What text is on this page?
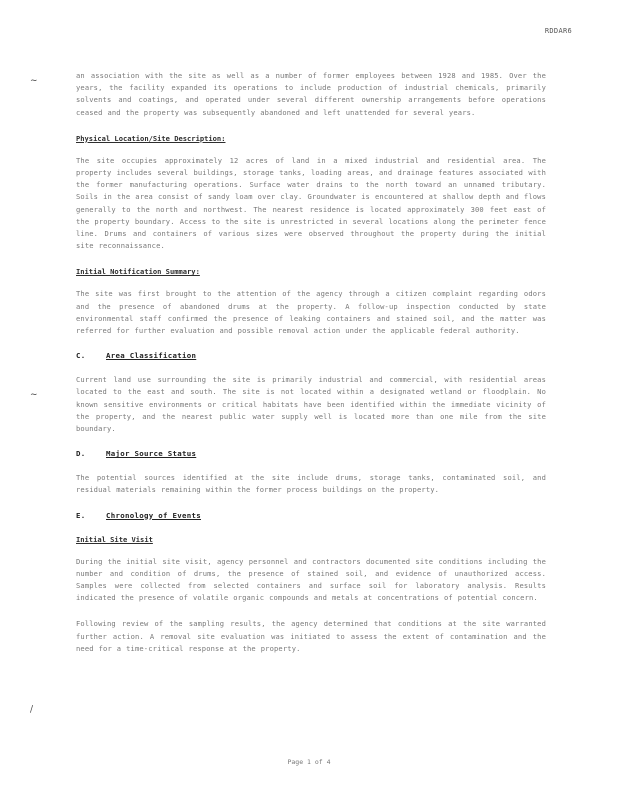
RDDAR6
~
~
/

an association with the site as well as a number of former employees between 1928 and 1985. Over the years, the facility expanded its operations to include production of industrial chemicals, primarily solvents and coatings, and operated under several different ownership arrangements before operations ceased and the property was subsequently abandoned and left unattended for several years.

Physical Location/Site Description:

The site occupies approximately 12 acres of land in a mixed industrial and residential area. The property includes several buildings, storage tanks, loading areas, and drainage features associated with the former manufacturing operations. Surface water drains to the north toward an unnamed tributary. Soils in the area consist of sandy loam over clay. Groundwater is encountered at shallow depth and flows generally to the north and northwest. The nearest residence is located approximately 300 feet east of the property boundary. Access to the site is unrestricted in several locations along the perimeter fence line. Drums and containers of various sizes were observed throughout the property during the initial site reconnaissance.

Initial Notification Summary:

The site was first brought to the attention of the agency through a citizen complaint regarding odors and the presence of abandoned drums at the property. A follow-up inspection conducted by state environmental staff confirmed the presence of leaking containers and stained soil, and the matter was referred for further evaluation and possible removal action under the applicable federal authority.

C.	Area Classification

Current land use surrounding the site is primarily industrial and commercial, with residential areas located to the east and south. The site is not located within a designated wetland or floodplain. No known sensitive environments or critical habitats have been identified within the immediate vicinity of the property, and the nearest public water supply well is located more than one mile from the site boundary.

D.	Major Source Status

The potential sources identified at the site include drums, storage tanks, contaminated soil, and residual materials remaining within the former process buildings on the property.

E.	Chronology of Events
Initial Site Visit

During the initial site visit, agency personnel and contractors documented site conditions including the number and condition of drums, the presence of stained soil, and evidence of unauthorized access. Samples were collected from selected containers and surface soil for laboratory analysis. Results indicated the presence of volatile organic compounds and metals at concentrations of potential concern.

Following review of the sampling results, the agency determined that conditions at the site warranted further action. A removal site evaluation was initiated to assess the extent of contamination and the need for a time-critical response at the property.

Page 1 of 4
